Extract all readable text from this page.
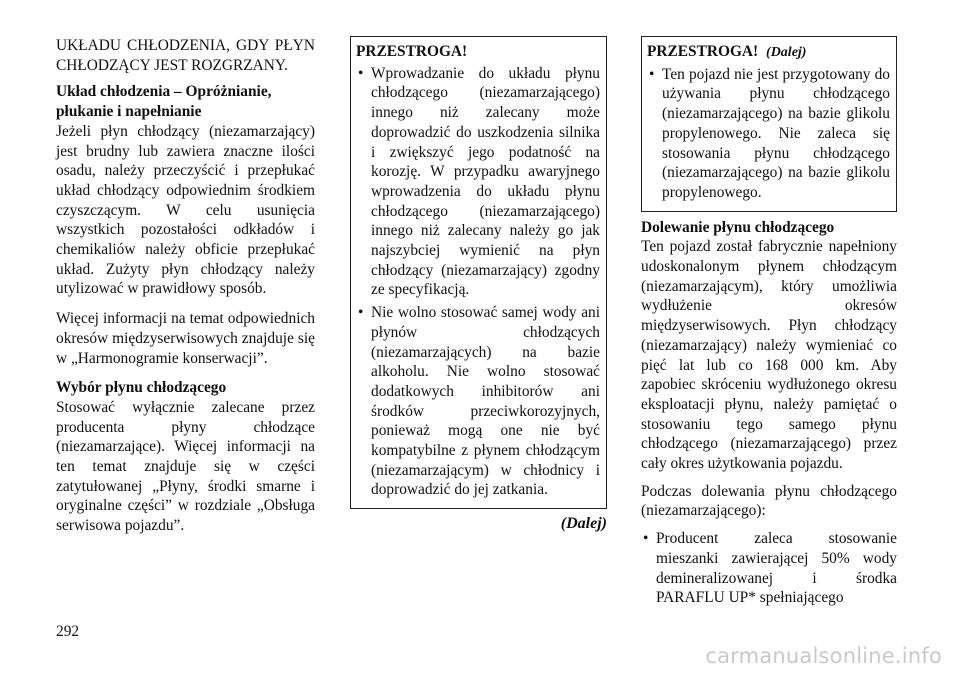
UKŁADU CHŁODZENIA, GDY PŁYN CHŁODZĄCY JEST ROZGRZANY.

Układ chłodzenia – Opróżnianie,
płukanie i napełnianie

Jeżeli płyn chłodzący (niezamarzający) jest brudny lub zawiera znaczne ilości osadu, należy przeczyścić i przepłukać układ chłodzący odpowiednim środkiem czyszczącym. W celu usunięcia wszystkich pozostałości odkładów i chemikaliów należy obficie przepłukać układ. Zużyty płyn chłodzący należy utylizować w prawidłowy sposób.

Więcej informacji na temat odpowiednich okresów międzyserwisowych znajduje się w „Harmonogramie konserwacji”.

Wybór płynu chłodzącego

Stosować wyłącznie zalecane przez producenta płyny chłodzące (niezamarzające). Więcej informacji na ten temat znajduje się w części zatytułowanej „Płyny, środki smarne i oryginalne części” w rozdziale „Obsługa serwisowa pojazdu”.

PRZESTROGA!
• Wprowadzanie do układu płynu chłodzącego (niezamarzającego) innego niż zalecany może doprowadzić do uszkodzenia silnika i zwiększyć jego podatność na korozję. W przypadku awaryjnego wprowadzenia do układu płynu chłodzącego (niezamarzającego) innego niż zalecany należy go jak najszybciej wymienić na płyn chłodzący (niezamarzający) zgodny ze specyfikacją.
• Nie wolno stosować samej wody ani płynów chłodzących (niezamarzających) na bazie alkoholu. Nie wolno stosować dodatkowych inhibitorów ani środków przeciwkorozyjnych, ponieważ mogą one nie być kompatybilne z płynem chłodzącym (niezamarzającym) w chłodnicy i doprowadzić do jej zatkania.
(Dalej)
PRZESTROGA! (Dalej)
• Ten pojazd nie jest przygotowany do używania płynu chłodzącego (niezamarzającego) na bazie glikolu propylenowego. Nie zaleca się stosowania płynu chłodzącego (niezamarzającego) na bazie glikolu propylenowego.
Dolewanie płynu chłodzącego

Ten pojazd został fabrycznie napełniony udoskonalonym płynem chłodzącym (niezamarzającym), który umożliwia wydłużenie okresów międzyserwisowych. Płyn chłodzący (niezamarzający) należy wymieniać co pięć lat lub co 168 000 km. Aby zapobiec skróceniu wydłużonego okresu eksploatacji płynu, należy pamiętać o stosowaniu tego samego płynu chłodzącego (niezamarzającego) przez cały okres użytkowania pojazdu.

Podczas dolewania płynu chłodzącego (niezamarzającego):

• Producent zaleca stosowanie mieszanki zawierającej 50% wody demineralizowanej i środka PARAFLU UP* spełniającego
292
carmanualsonline.info
